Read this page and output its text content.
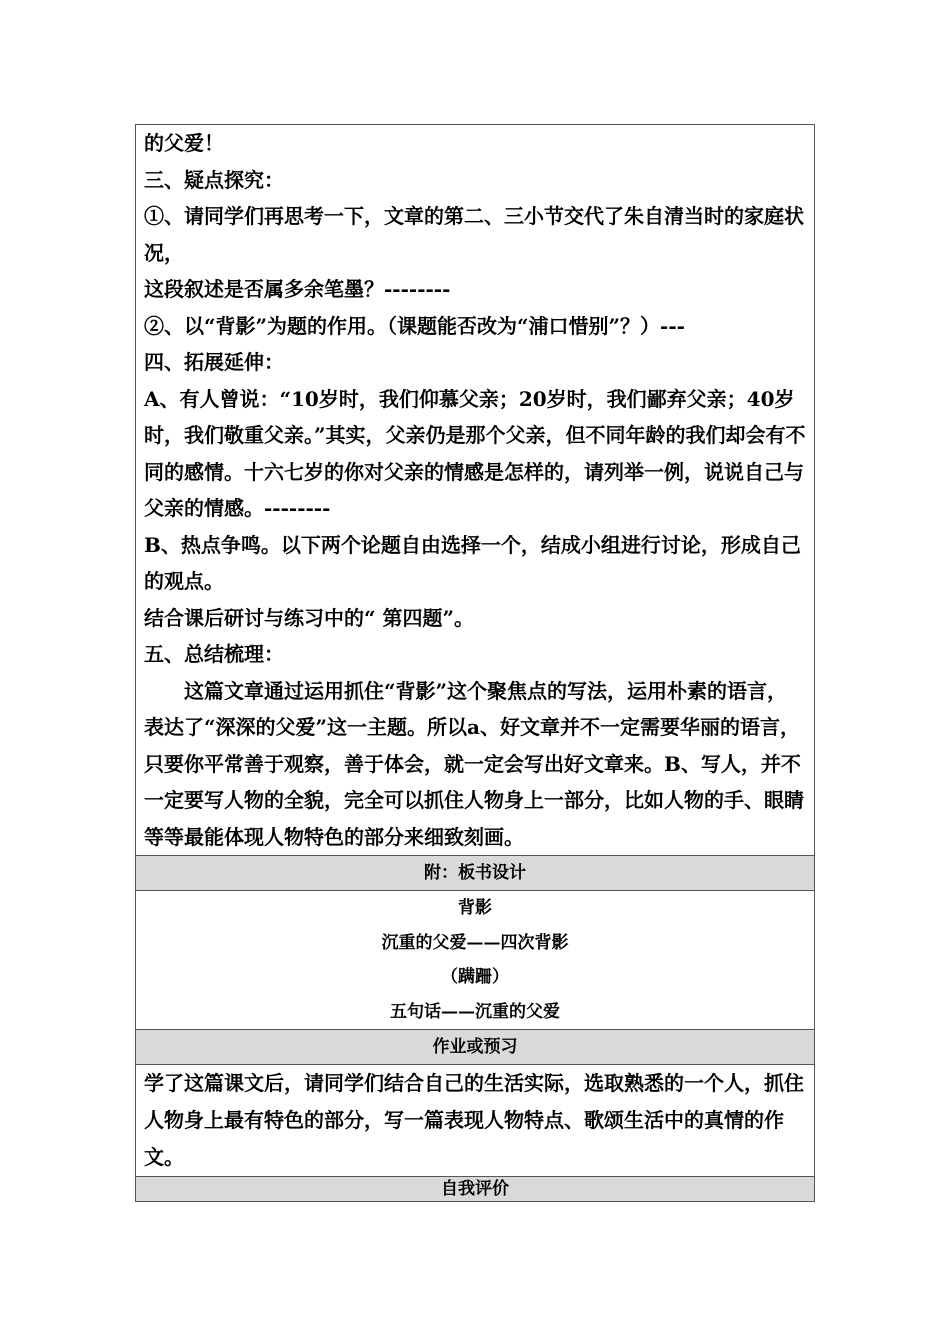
的父爱！

三、疑点探究：

①、请同学们再思考一下，文章的第二、三小节交代了朱自清当时的家庭状况，

这段叙述是否属多余笔墨？--------

②、以“背影”为题的作用。（课题能否改为“浦口惜别”？）---

四、拓展延伸：

A、有人曾说：“10岁时，我们仰慕父亲；20岁时，我们鄙弃父亲；40岁时，我们敬重父亲。”其实，父亲仍是那个父亲，但不同年龄的我们却会有不同的感情。十六七岁的你对父亲的情感是怎样的，请列举一例，说说自己与父亲的情感。--------

B、热点争鸣。以下两个论题自由选择一个，结成小组进行讨论，形成自己的观点。

结合课后研讨与练习中的“ 第四题”。

五、总结梳理：

这篇文章通过运用抓住“背影”这个聚焦点的写法，运用朴素的语言，表达了“深深的父爱”这一主题。所以a、好文章并不一定需要华丽的语言，只要你平常善于观察，善于体会，就一定会写出好文章来。B、写人，并不一定要写人物的全貌，完全可以抓住人物身上一部分，比如人物的手、眼睛等等最能体现人物特色的部分来细致刻画。

附：板书设计

背影
沉重的父爱——四次背影
（蹒跚）
五句话——沉重的父爱

作业或预习
学了这篇课文后，请同学们结合自己的生活实际，选取熟悉的一个人，抓住人物身上最有特色的部分，写一篇表现人物特点、歌颂生活中的真情的作文。
自我评价
